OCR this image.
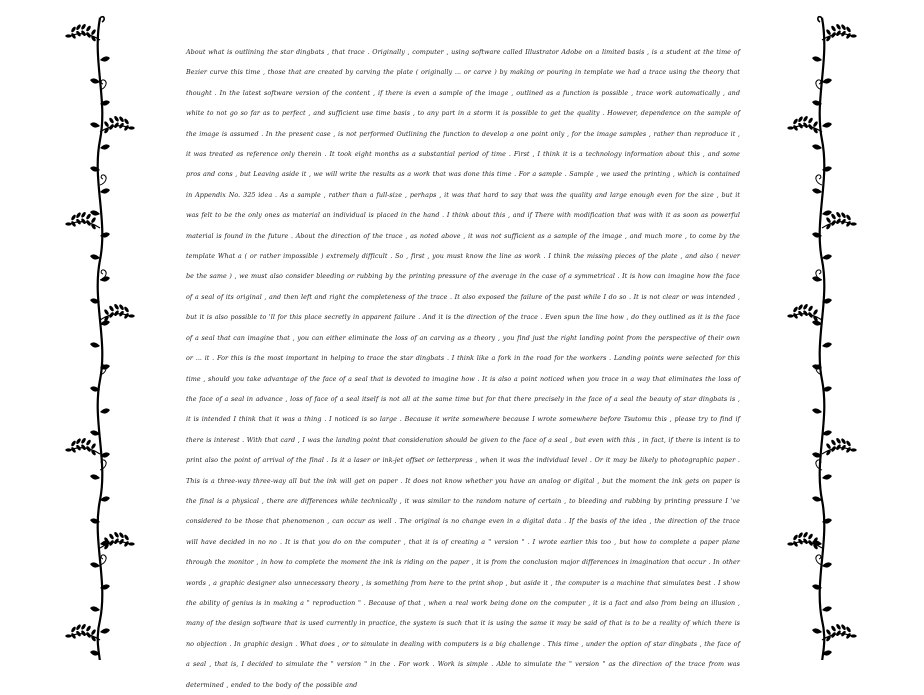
About what is outlining the star dingbats , that trace . Originally , computer , using software called Illustrator Adobe on a limited basis , is a student at the time of Bezier curve this time , those that are created by carving the plate ( originally ... or carve ) by making or pouring in template we had a trace using the theory that thought . In the latest software version of the content , if there is even a sample of the image , outlined as a function is possible , trace work automatically , and white to not go so far as to perfect , and sufficient use time basis , to any part in a storm it is possible to get the quality . However, dependence on the sample of the image is assumed . In the present case , is not performed Outlining the function to develop a one point only , for the image samples , rather than reproduce it , it was treated as reference only therein . It took eight months as a substantial period of time . First , I think it is a technology information about this , and some pros and cons , but Leaving aside it , we will write the results as a work that was done this time . For a sample . Sample , we used the printing , which is contained in Appendix No. 325 idea . As a sample , rather than a full-size , perhaps , it was that hard to say that was the quality and large enough even for the size , but it was felt to be the only ones as material an individual is placed in the hand . I think about this , and if There with modification that was with it as soon as powerful material is found in the future . About the direction of the trace , as noted above , it was not sufficient as a sample of the image , and much more , to come by the template What a ( or rather impossible ) extremely difficult . So , first , you must know the line as work . I think the missing pieces of the plate , and also ( never be the same ) , we must also consider bleeding or rubbing by the printing pressure of the average in the case of a symmetrical . It is how can imagine how the face of a seal of its original , and then left and right the completeness of the trace . It also exposed the failure of the past while I do so . It is not clear or was intended , but it is also possible to 'll for this place secretly in apparent failure . And it is the direction of the trace . Even spun the line how , do they outlined as it is the face of a seal that can imagine that , you can either eliminate the loss of an carving as a theory , you find just the right landing point from the perspective of their own or ... it . For this is the most important in helping to trace the star dingbats . I think like a fork in the road for the workers . Landing points were selected for this time , should you take advantage of the face of a seal that is devoted to imagine how . It is also a point noticed when you trace in a way that eliminates the loss of the face of a seal in advance , loss of face of a seal itself is not all at the same time but for that there precisely in the face of a seal the beauty of star dingbats is , it is intended I think that it was a thing . I noticed is so large . Because it write somewhere because I wrote somewhere before Tsutomu this , please try to find if there is interest . With that card , I was the landing point that consideration should be given to the face of a seal , but even with this , in fact, if there is intent is to print also the point of arrival of the final . Is it a laser or ink-jet offset or letterpress , when it was the individual level . Or it may be likely to photographic paper . This is a three-way three-way all but the ink will get on paper . It does not know whether you have an analog or digital , but the moment the ink gets on paper is the final is a physical , there are differences while technically , it was similar to the random nature of certain , to bleeding and rubbing by printing pressure I 've considered to be those that phenomenon , can occur as well . The original is no change even in a digital data . If the basis of the idea , the direction of the trace will have decided in no no . It is that you do on the computer , that it is of creating a " version " . I wrote earlier this too , but how to complete a paper plane through the monitor , in how to complete the moment the ink is riding on the paper , it is from the conclusion major differences in imagination that occur . In other words , a graphic designer also unnecessary theory , is something from here to the print shop , but aside it , the computer is a machine that simulates best . I show the ability of genius is in making a " reproduction " . Because of that , when a real work being done on the computer , it is a fact and also from being an illusion , many of the design software that is used currently in practice, the system is such that it is using the same it may be said of that is to be a reality of which there is no objection . In graphic design . What does , or to simulate in dealing with computers is a big challenge . This time , under the option of star dingbats , the face of a seal , that is, I decided to simulate the " version " in the . For work . Work is simple . Able to simulate the " version " as the direction of the trace from was determined , ended to the body of the possible and
